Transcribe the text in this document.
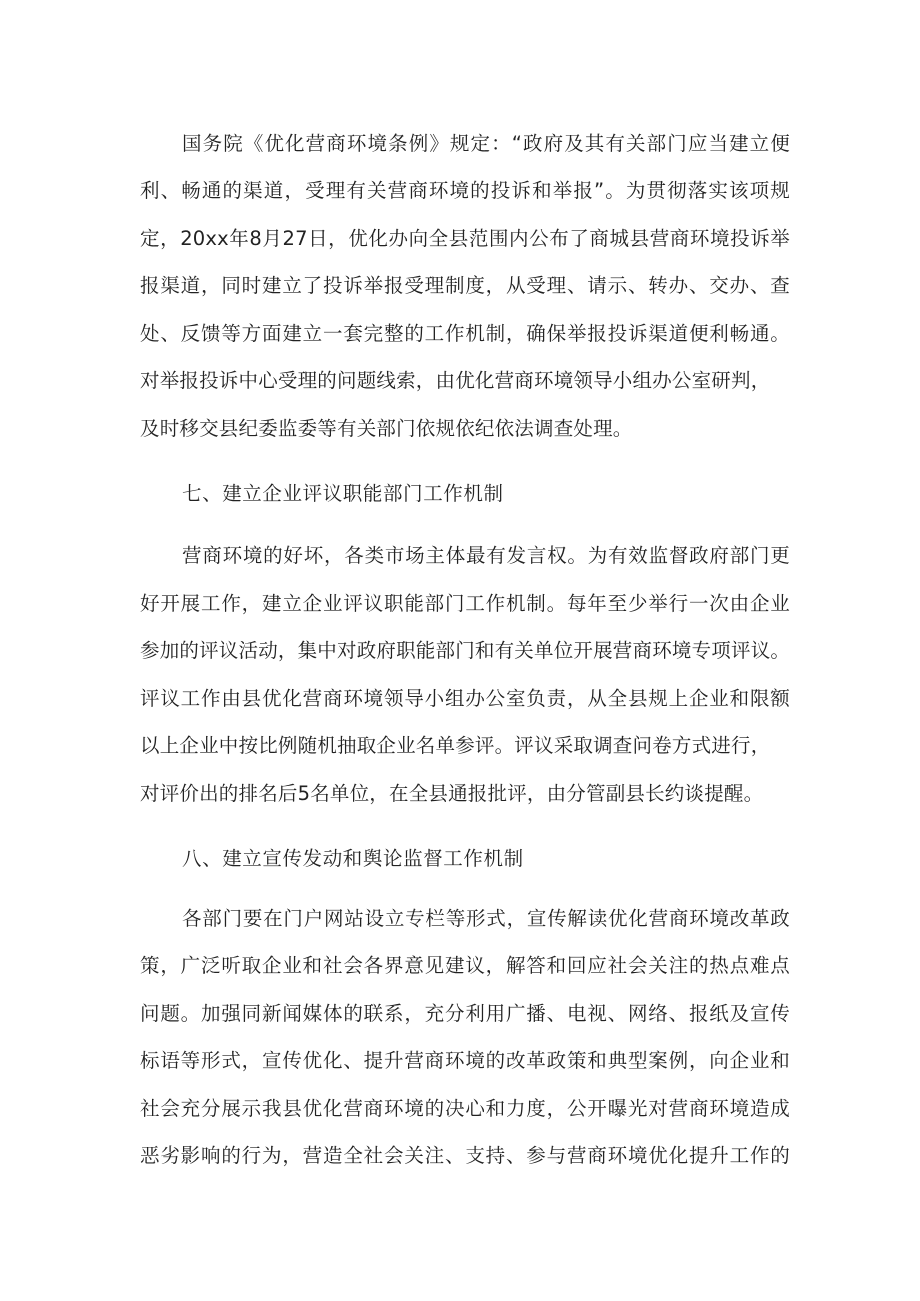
国务院《优化营商环境条例》规定：“政府及其有关部门应当建立便
利、畅通的渠道，受理有关营商环境的投诉和举报”。为贯彻落实该项规
定，20xx年8月27日，优化办向全县范围内公布了商城县营商环境投诉举
报渠道，同时建立了投诉举报受理制度，从受理、请示、转办、交办、查
处、反馈等方面建立一套完整的工作机制，确保举报投诉渠道便利畅通。
对举报投诉中心受理的问题线索，由优化营商环境领导小组办公室研判，
及时移交县纪委监委等有关部门依规依纪依法调查处理。
七、建立企业评议职能部门工作机制
营商环境的好坏，各类市场主体最有发言权。为有效监督政府部门更
好开展工作，建立企业评议职能部门工作机制。每年至少举行一次由企业
参加的评议活动，集中对政府职能部门和有关单位开展营商环境专项评议。
评议工作由县优化营商环境领导小组办公室负责，从全县规上企业和限额
以上企业中按比例随机抽取企业名单参评。评议采取调查问卷方式进行，
对评价出的排名后5名单位，在全县通报批评，由分管副县长约谈提醒。
八、建立宣传发动和舆论监督工作机制
各部门要在门户网站设立专栏等形式，宣传解读优化营商环境改革政
策，广泛听取企业和社会各界意见建议，解答和回应社会关注的热点难点
问题。加强同新闻媒体的联系，充分利用广播、电视、网络、报纸及宣传
标语等形式，宣传优化、提升营商环境的改革政策和典型案例，向企业和
社会充分展示我县优化营商环境的决心和力度，公开曝光对营商环境造成
恶劣影响的行为，营造全社会关注、支持、参与营商环境优化提升工作的
